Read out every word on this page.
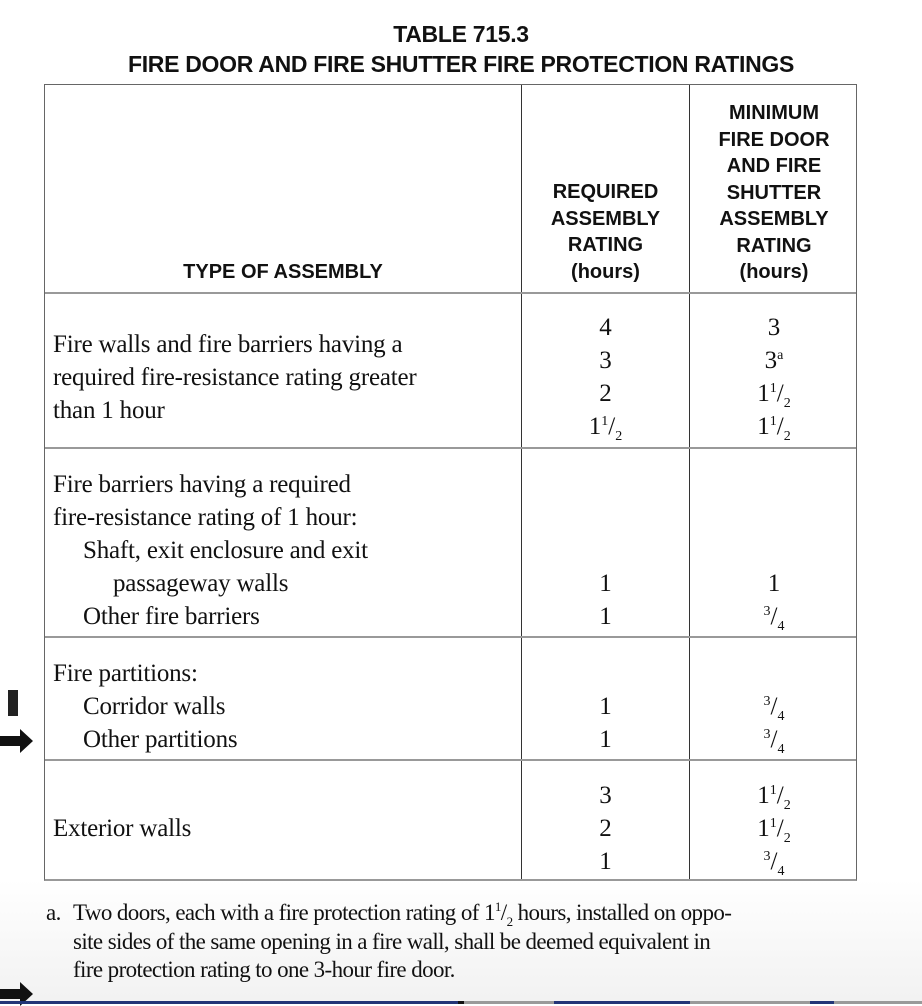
TABLE 715.3
FIRE DOOR AND FIRE SHUTTER FIRE PROTECTION RATINGS
TYPE OF ASSEMBLY
REQUIRED
ASSEMBLY
RATING
(hours)
MINIMUM
FIRE DOOR
AND FIRE
SHUTTER
ASSEMBLY
RATING
(hours)
Fire walls and fire barriers having a
required fire-resistance rating greater
than 1 hour
4
3
2
$1^1/_2$
3
3$^a$
$1^1/_2$
$1^1/_2$
Fire barriers having a required
fire-resistance rating of 1 hour:
Shaft, exit enclosure and exit
passageway walls
Other fire barriers
1
1
1
$^3/_4$
Fire partitions:
Corridor walls
Other partitions
1
1
$^3/_4$
$^3/_4$
Exterior walls
3
2
1
$1^1/_2$
$1^1/_2$
$^3/_4$
a. Two doors, each with a fire protection rating of $1^1/_2$ hours, installed on oppo-
site sides of the same opening in a fire wall, shall be deemed equivalent in
fire protection rating to one 3-hour fire door.
